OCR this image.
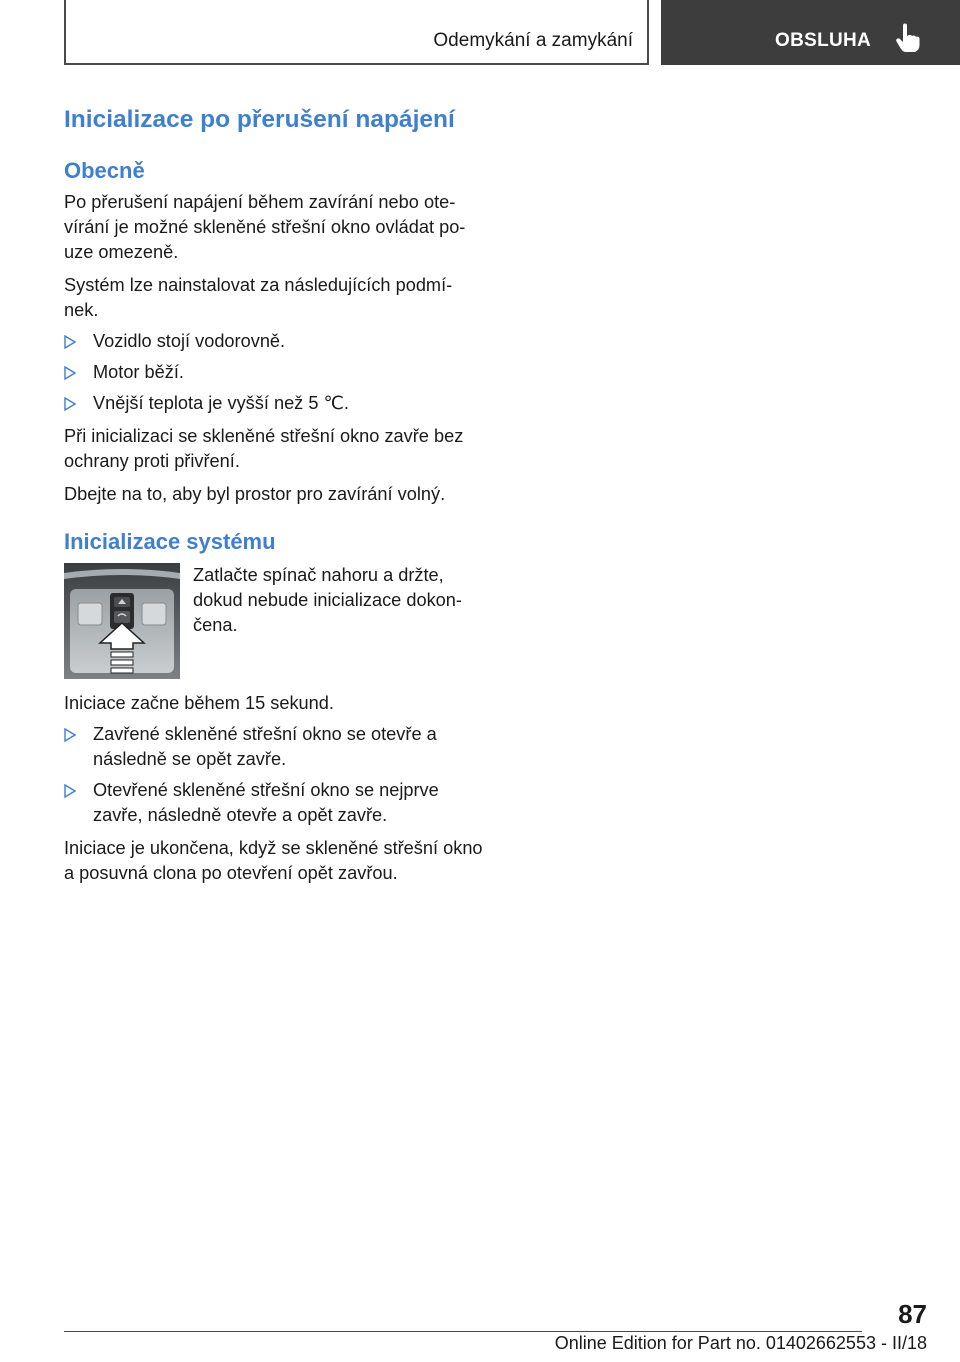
Odemykání a zamykání	OBSLUHA
Inicializace po přerušení napájení
Obecně
Po přerušení napájení během zavírání nebo ote-vírání je možné skleněné střešní okno ovládat po-uze omezeně.
Systém lze nainstalovat za následujících podmí-nek.
Vozidlo stojí vodorovně.
Motor běží.
Vnější teplota je vyšší než 5 ℃.
Při inicializaci se skleněné střešní okno zavře bez ochrany proti přivření.
Dbejte na to, aby byl prostor pro zavírání volný.
Inicializace systému
Zatlačte spínač nahoru a držte, dokud nebude inicializace dokon-čena.
Iniciace začne během 15 sekund.
Zavřené skleněné střešní okno se otevře a následně se opět zavře.
Otevřené skleněné střešní okno se nejprve zavře, následně otevře a opět zavře.
Iniciace je ukončena, když se skleněné střešní okno a posuvná clona po otevření opět zavřou.
87
Online Edition for Part no. 01402662553 - II/18
